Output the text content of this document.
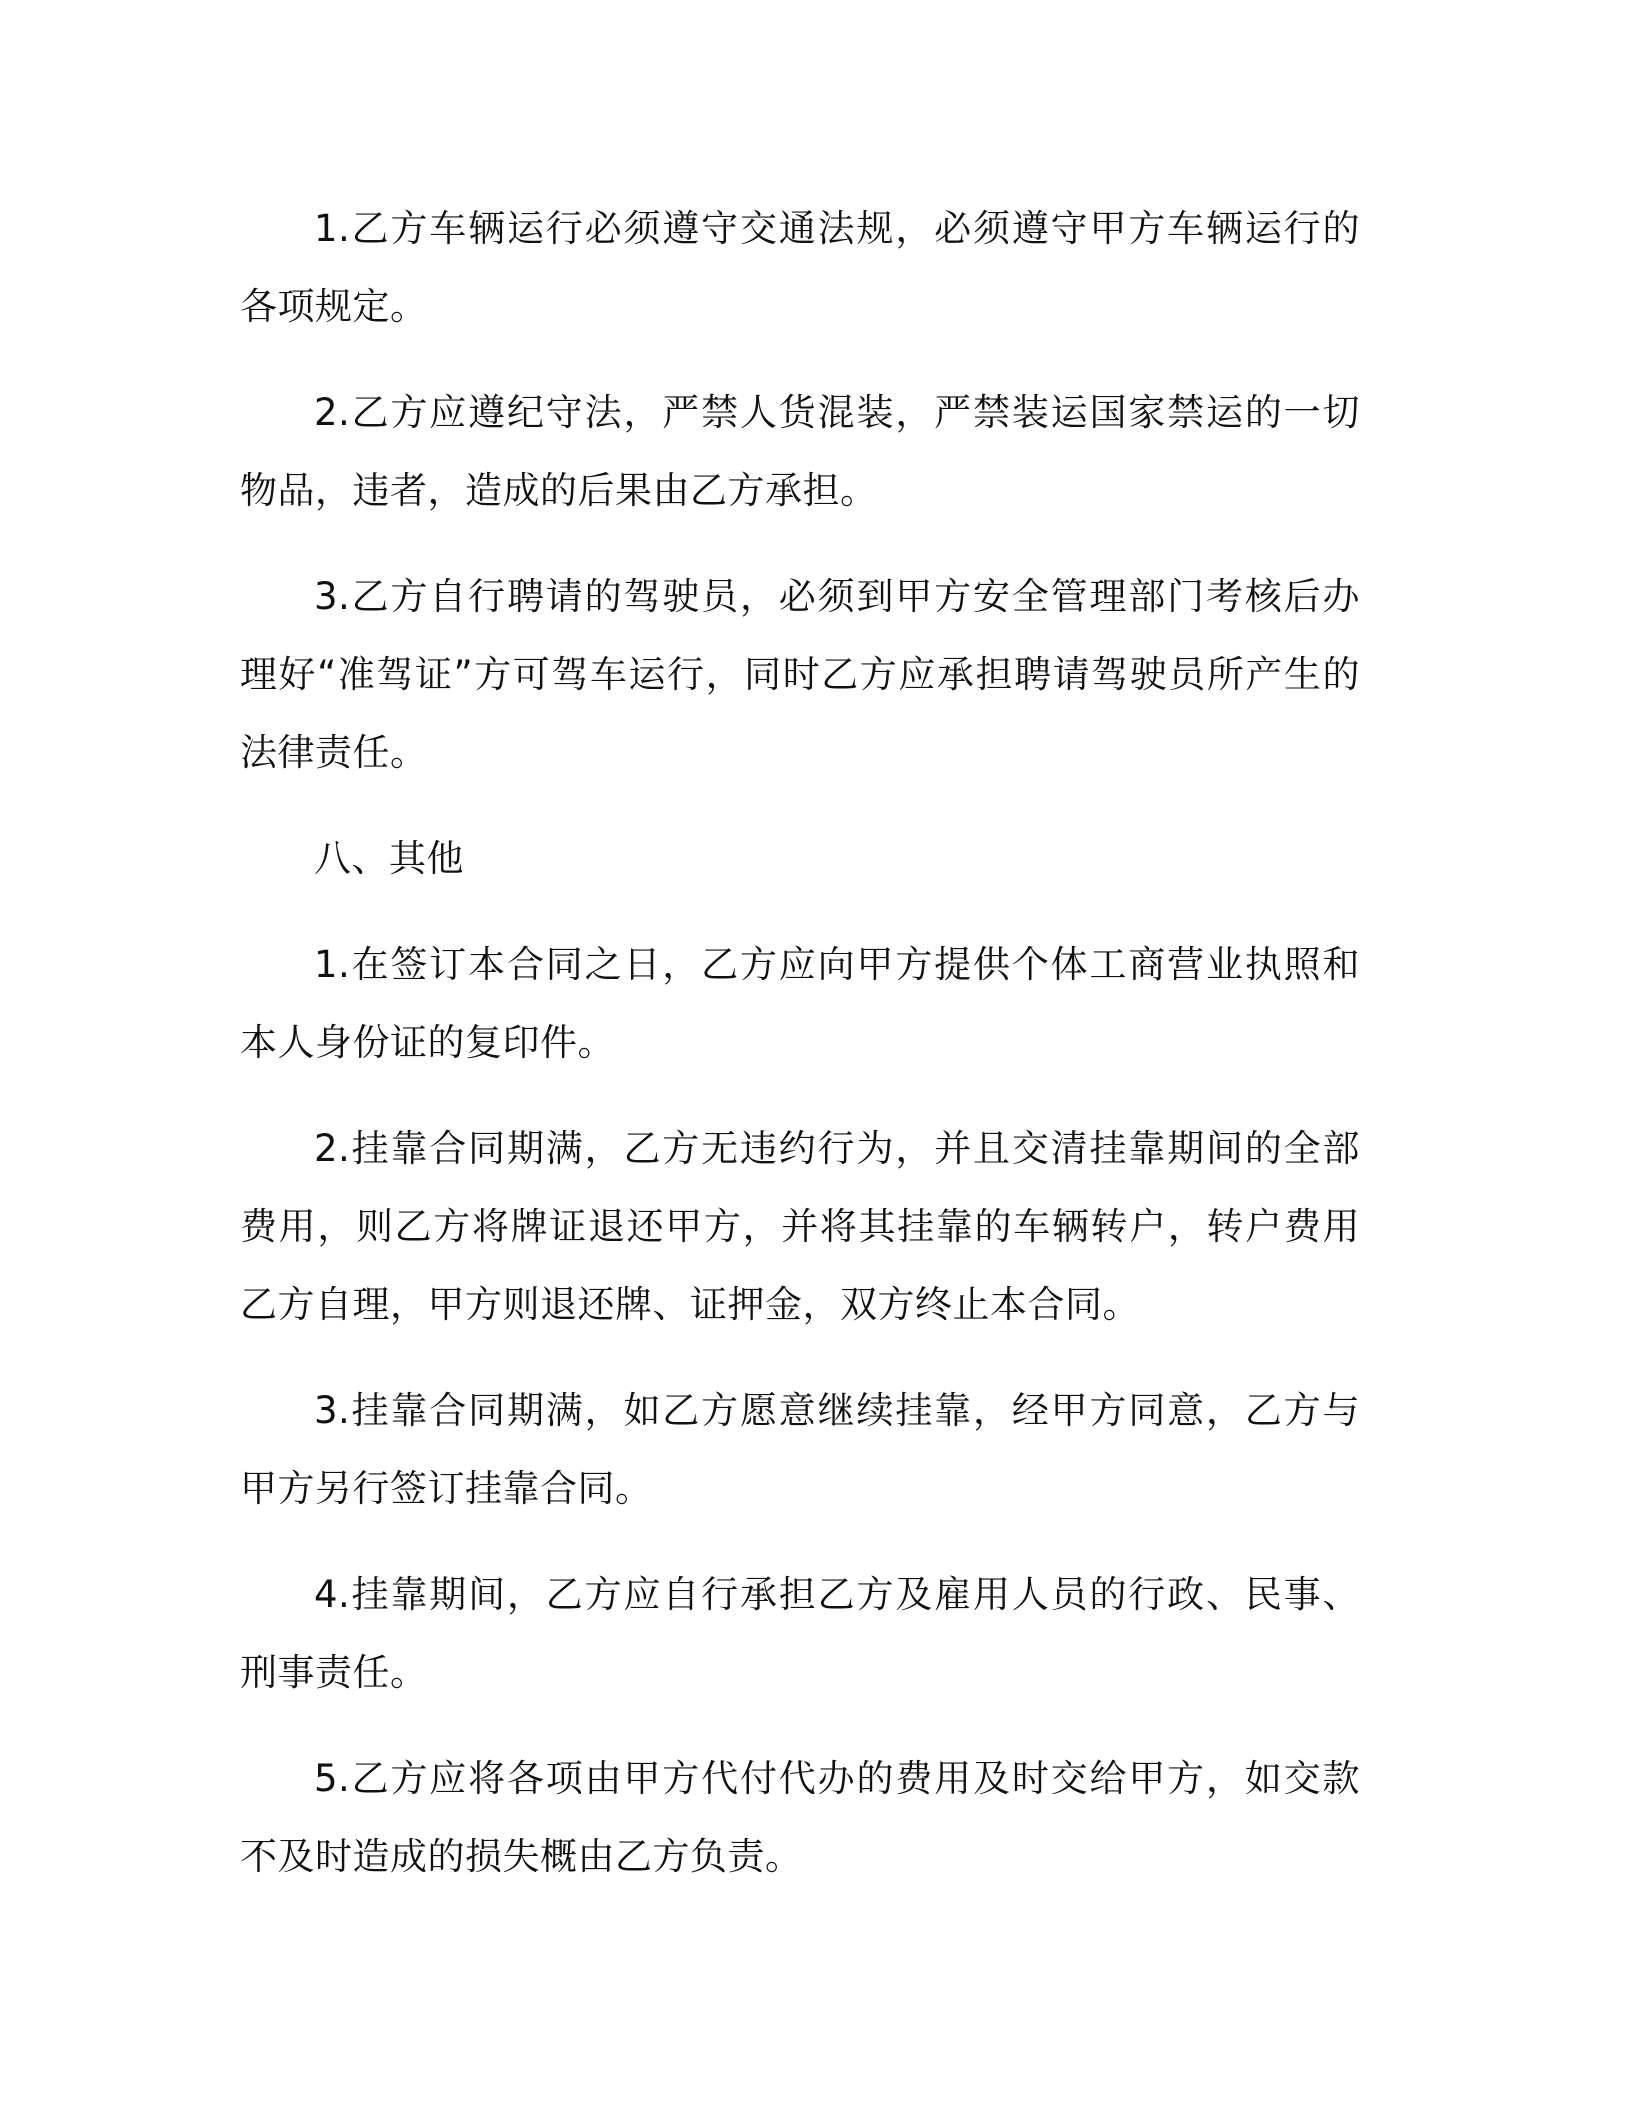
1.乙方车辆运行必须遵守交通法规，必须遵守甲方车辆运行的各项规定。

2.乙方应遵纪守法，严禁人货混装，严禁装运国家禁运的一切物品，违者，造成的后果由乙方承担。

3.乙方自行聘请的驾驶员，必须到甲方安全管理部门考核后办理好“准驾证”方可驾车运行，同时乙方应承担聘请驾驶员所产生的法律责任。

八、其他

1.在签订本合同之日，乙方应向甲方提供个体工商营业执照和本人身份证的复印件。

2.挂靠合同期满，乙方无违约行为，并且交清挂靠期间的全部费用，则乙方将牌证退还甲方，并将其挂靠的车辆转户，转户费用乙方自理，甲方则退还牌、证押金，双方终止本合同。

3.挂靠合同期满，如乙方愿意继续挂靠，经甲方同意，乙方与甲方另行签订挂靠合同。

4.挂靠期间，乙方应自行承担乙方及雇用人员的行政、民事、刑事责任。

5.乙方应将各项由甲方代付代办的费用及时交给甲方，如交款不及时造成的损失概由乙方负责。
